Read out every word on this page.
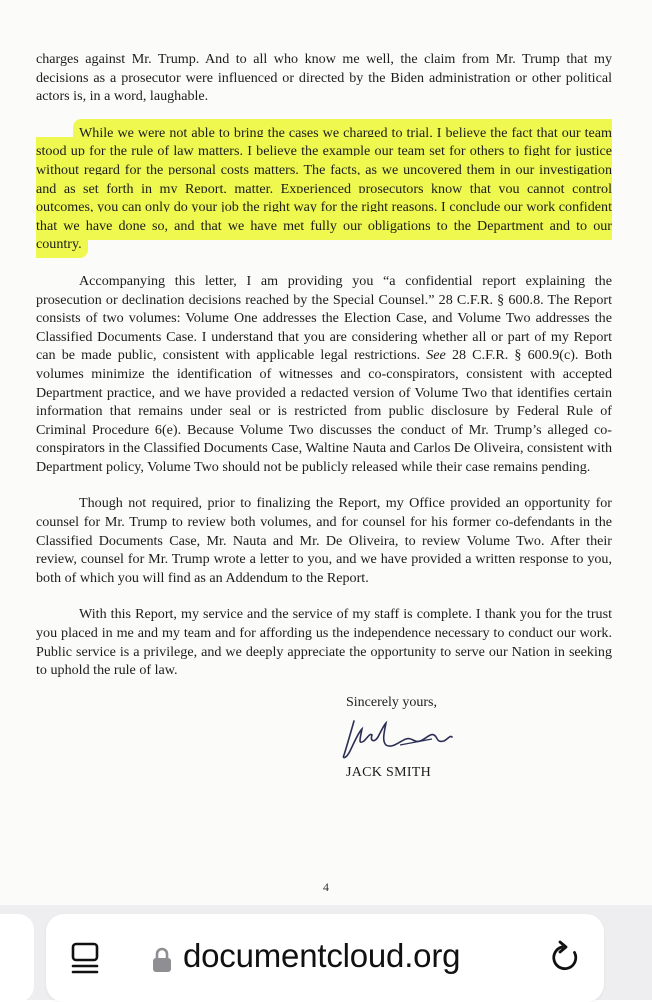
charges against Mr. Trump. And to all who know me well, the claim from Mr. Trump that my decisions as a prosecutor were influenced or directed by the Biden administration or other political actors is, in a word, laughable.

While we were not able to bring the cases we charged to trial, I believe the fact that our team stood up for the rule of law matters. I believe the example our team set for others to fight for justice without regard for the personal costs matters. The facts, as we uncovered them in our investigation and as set forth in my Report, matter. Experienced prosecutors know that you cannot control outcomes, you can only do your job the right way for the right reasons. I conclude our work confident that we have done so, and that we have met fully our obligations to the Department and to our country.

Accompanying this letter, I am providing you “a confidential report explaining the prosecution or declination decisions reached by the Special Counsel.” 28 C.F.R. § 600.8. The Report consists of two volumes: Volume One addresses the Election Case, and Volume Two addresses the Classified Documents Case. I understand that you are considering whether all or part of my Report can be made public, consistent with applicable legal restrictions. See 28 C.F.R. § 600.9(c). Both volumes minimize the identification of witnesses and co-conspirators, consistent with accepted Department practice, and we have provided a redacted version of Volume Two that identifies certain information that remains under seal or is restricted from public disclosure by Federal Rule of Criminal Procedure 6(e). Because Volume Two discusses the conduct of Mr. Trump’s alleged co-conspirators in the Classified Documents Case, Waltine Nauta and Carlos De Oliveira, consistent with Department policy, Volume Two should not be publicly released while their case remains pending.

Though not required, prior to finalizing the Report, my Office provided an opportunity for counsel for Mr. Trump to review both volumes, and for counsel for his former co-defendants in the Classified Documents Case, Mr. Nauta and Mr. De Oliveira, to review Volume Two. After their review, counsel for Mr. Trump wrote a letter to you, and we have provided a written response to you, both of which you will find as an Addendum to the Report.

With this Report, my service and the service of my staff is complete. I thank you for the trust you placed in me and my team and for affording us the independence necessary to conduct our work. Public service is a privilege, and we deeply appreciate the opportunity to serve our Nation in seeking to uphold the rule of law.

Sincerely yours,
JACK SMITH
4
documentcloud.org
